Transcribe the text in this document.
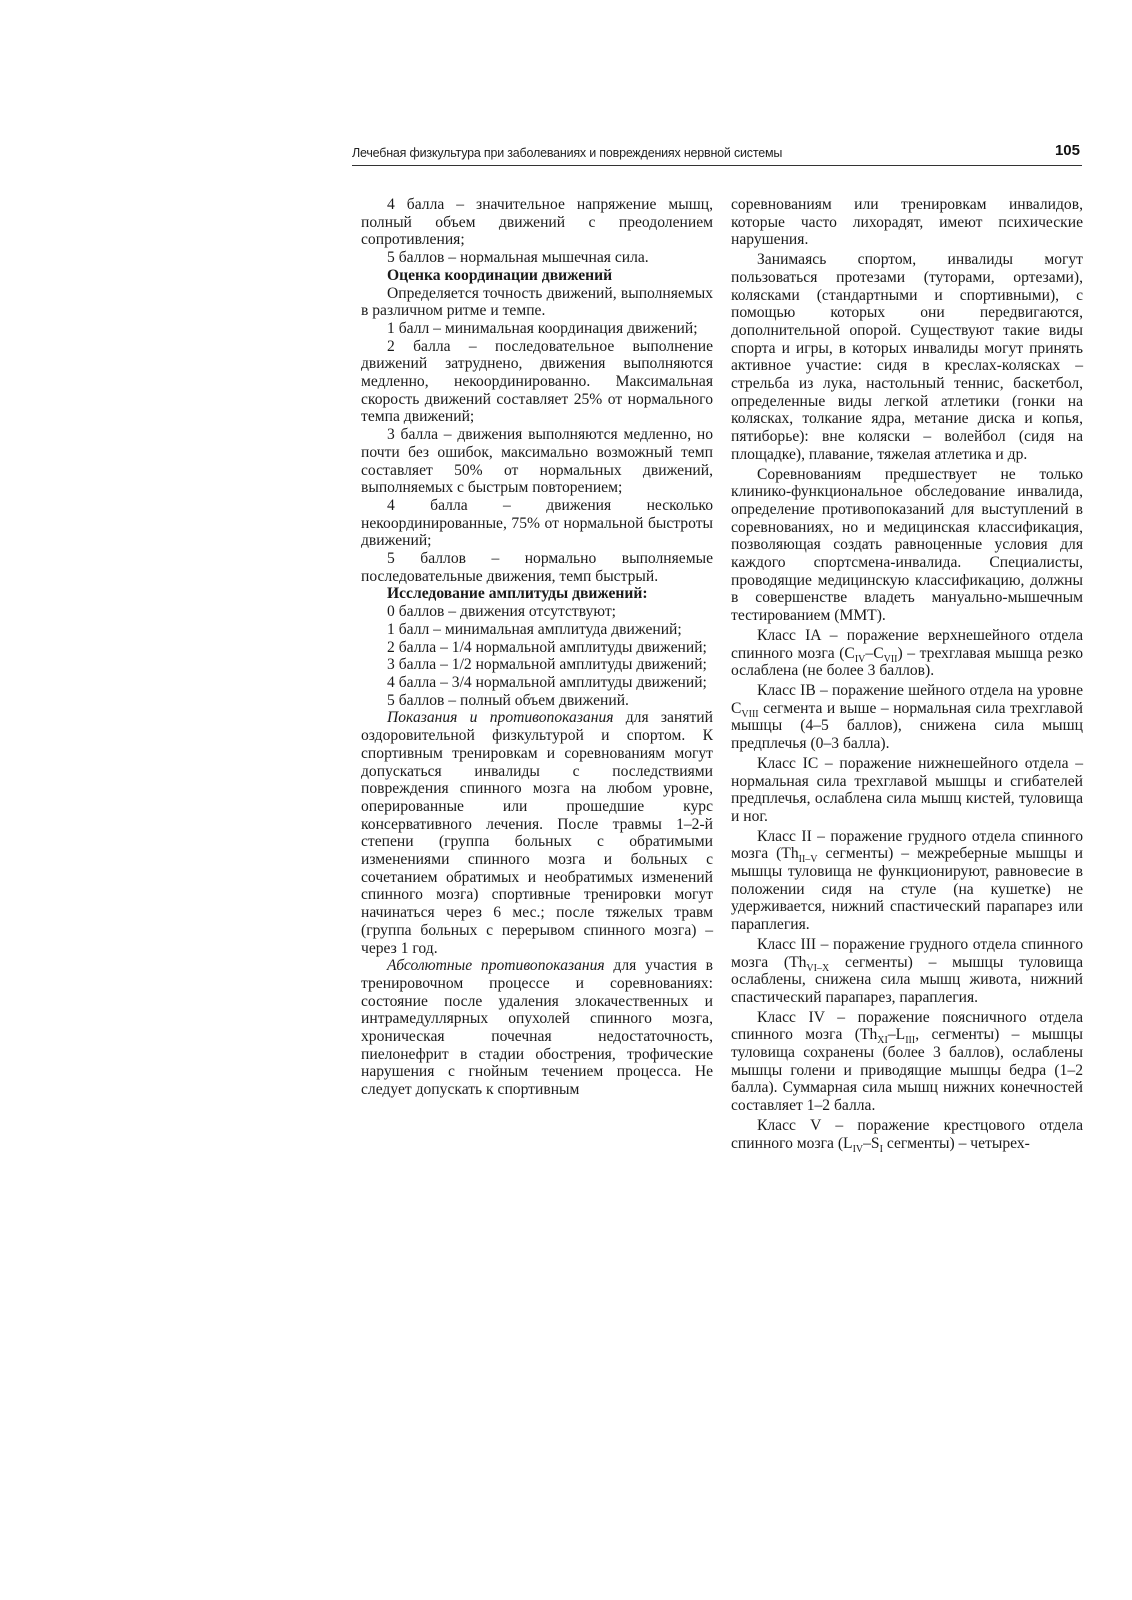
Лечебная физкультура при заболеваниях и повреждениях нервной системы	105

4 балла – значительное напряжение мышц, полный объем движений с преодолением сопротивления;

5 баллов – нормальная мышечная сила.

Оценка координации движений

Определяется точность движений, выполняемых в различном ритме и темпе.

1 балл – минимальная координация движений;

2 балла – последовательное выполнение движений затруднено, движения выполняются медленно, некоординированно. Максимальная скорость движений составляет 25% от нормального темпа движений;

3 балла – движения выполняются медленно, но почти без ошибок, максимально возможный темп составляет 50% от нормальных движений, выполняемых с быстрым повторением;

4 балла – движения несколько некоординированные, 75% от нормальной быстроты движений;

5 баллов – нормально выполняемые последовательные движения, темп быстрый.

Исследование амплитуды движений:

0 баллов – движения отсутствуют;

1 балл – минимальная амплитуда движений;

2 балла – 1/4 нормальной амплитуды движений;

3 балла – 1/2 нормальной амплитуды движений;

4 балла – 3/4 нормальной амплитуды движений;

5 баллов – полный объем движений.

Показания и противопоказания для занятий оздоровительной физкультурой и спортом. К спортивным тренировкам и соревнованиям могут допускаться инвалиды с последствиями повреждения спинного мозга на любом уровне, оперированные или прошедшие курс консервативного лечения. После травмы 1–2-й степени (группа больных с обратимыми изменениями спинного мозга и больных с сочетанием обратимых и необратимых изменений спинного мозга) спортивные тренировки могут начинаться через 6 мес.; после тяжелых травм (группа больных с перерывом спинного мозга) – через 1 год.

Абсолютные противопоказания для участия в тренировочном процессе и соревнованиях: состояние после удаления злокачественных и интрамедуллярных опухолей спинного мозга, хроническая почечная недостаточность, пиелонефрит в стадии обострения, трофические нарушения с гнойным течением процесса. Не следует допускать к спортивным

соревнованиям или тренировкам инвалидов, которые часто лихорадят, имеют психические нарушения.

Занимаясь спортом, инвалиды могут пользоваться протезами (туторами, ортезами), колясками (стандартными и спортивными), с помощью которых они передвигаются, дополнительной опорой. Существуют такие виды спорта и игры, в которых инвалиды могут принять активное участие: сидя в креслах-колясках – стрельба из лука, настольный теннис, баскетбол, определенные виды легкой атлетики (гонки на колясках, толкание ядра, метание диска и копья, пятиборье): вне коляски – волейбол (сидя на площадке), плавание, тяжелая атлетика и др.

Соревнованиям предшествует не только клинико-функциональное обследование инвалида, определение противопоказаний для выступлений в соревнованиях, но и медицинская классификация, позволяющая создать равноценные условия для каждого спортсмена-инвалида. Специалисты, проводящие медицинскую классификацию, должны в совершенстве владеть мануально-мышечным тестированием (ММТ).

Класс IA – поражение верхнешейного отдела спинного мозга $(C_{IV}-C_{VII})$ – трехглавая мышца резко ослаблена (не более 3 баллов).

Класс IB – поражение шейного отдела на уровне $C_{VIII}$ сегмента и выше – нормальная сила трехглавой мышцы (4–5 баллов), снижена сила мышц предплечья (0–3 балла).

Класс IC – поражение нижнешейного отдела – нормальная сила трехглавой мышцы и сгибателей предплечья, ослаблена сила мышц кистей, туловища и ног.

Класс II – поражение грудного отдела спинного мозга ($Th_{II-V}$ сегменты) – межреберные мышцы и мышцы туловища не функционируют, равновесие в положении сидя на стуле (на кушетке) не удерживается, нижний спастический парапарез или параплегия.

Класс III – поражение грудного отдела спинного мозга ($Th_{VI-X}$ сегменты) – мышцы туловища ослаблены, снижена сила мышц живота, нижний спастический парапарез, параплегия.

Класс IV – поражение поясничного отдела спинного мозга ($Th_{XI}-L_{III}$, сегменты) – мышцы туловища сохранены (более 3 баллов), ослаблены мышцы голени и приводящие мышцы бедра (1–2 балла). Суммарная сила мышц нижних конечностей составляет 1–2 балла.

Класс V – поражение крестцового отдела спинного мозга ($L_{IV}-S_I$ сегменты) – четырех-
